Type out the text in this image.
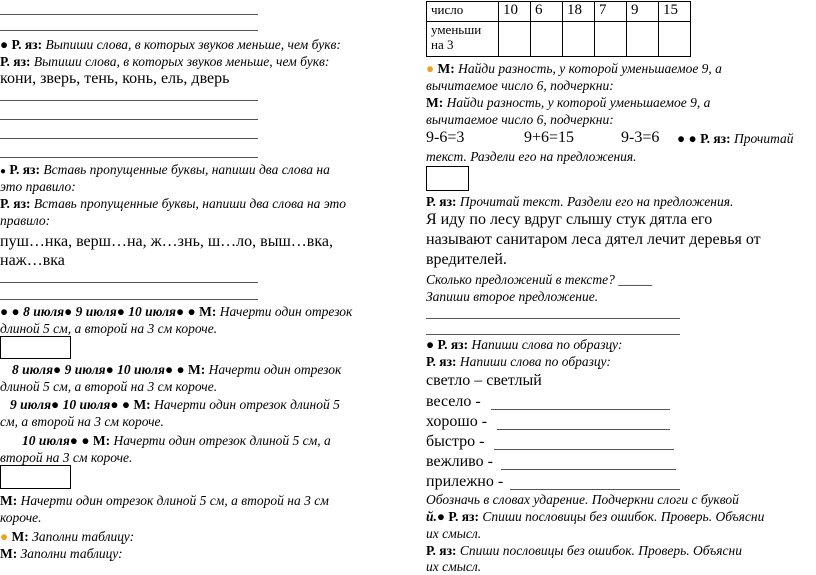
● Р. яз: Выпиши слова, в которых звуков меньше, чем букв:
Р. яз: Выпиши слова, в которых звуков меньше, чем букв:
кони, зверь, тень, конь, ель, дверь
● Р. яз: Вставь пропущенные буквы, напиши два слова на
это правило:
Р. яз: Вставь пропущенные буквы, напиши два слова на это
правило:
пуш…нка, верш…на, ж…знь, ш…ло, выш…вка,
наж…вка
● ● 8 июля● 9 июля● 10 июля● ● М: Начерти один отрезок
длиной 5 см, а второй на 3 см короче.
8 июля● 9 июля● 10 июля● ● М: Начерти один отрезок
длиной 5 см, а второй на 3 см короче.
9 июля● 10 июля● ● М: Начерти один отрезок длиной 5
см, а второй на 3 см короче.
10 июля● ● М: Начерти один отрезок длиной 5 см, а
второй на 3 см короче.
М: Начерти один отрезок длиной 5 см, а второй на 3 см
короче.
● М: Заполни таблицу:
М: Заполни таблицу:
число	10	6	18	7	9	15
уменьши на 3						
● М: Найди разность, у которой уменьшаемое 9, а
вычитаемое число 6, подчеркни:
М: Найди разность, у которой уменьшаемое 9, а
вычитаемое число 6, подчеркни:
9-6=3	9+6=15	9-3=6 ● ● Р. яз: Прочитай
текст. Раздели его на предложения.
Р. яз: Прочитай текст. Раздели его на предложения.
Я иду по лесу вдруг слышу стук дятла его
называют санитаром леса дятел лечит деревья от
вредителей.
Сколько предложений в тексте? _____
Запиши второе предложение.
● Р. яз: Напиши слова по образцу:
Р. яз: Напиши слова по образцу:
светло – светлый
весело -
хорошо -
быстро -
вежливо -
прилежно -
Обозначь в словах ударение. Подчеркни слоги с буквой
й.● Р. яз: Спиши пословицы без ошибок. Проверь. Объясни
их смысл.
Р. яз: Спиши пословицы без ошибок. Проверь. Объясни
их смысл.
